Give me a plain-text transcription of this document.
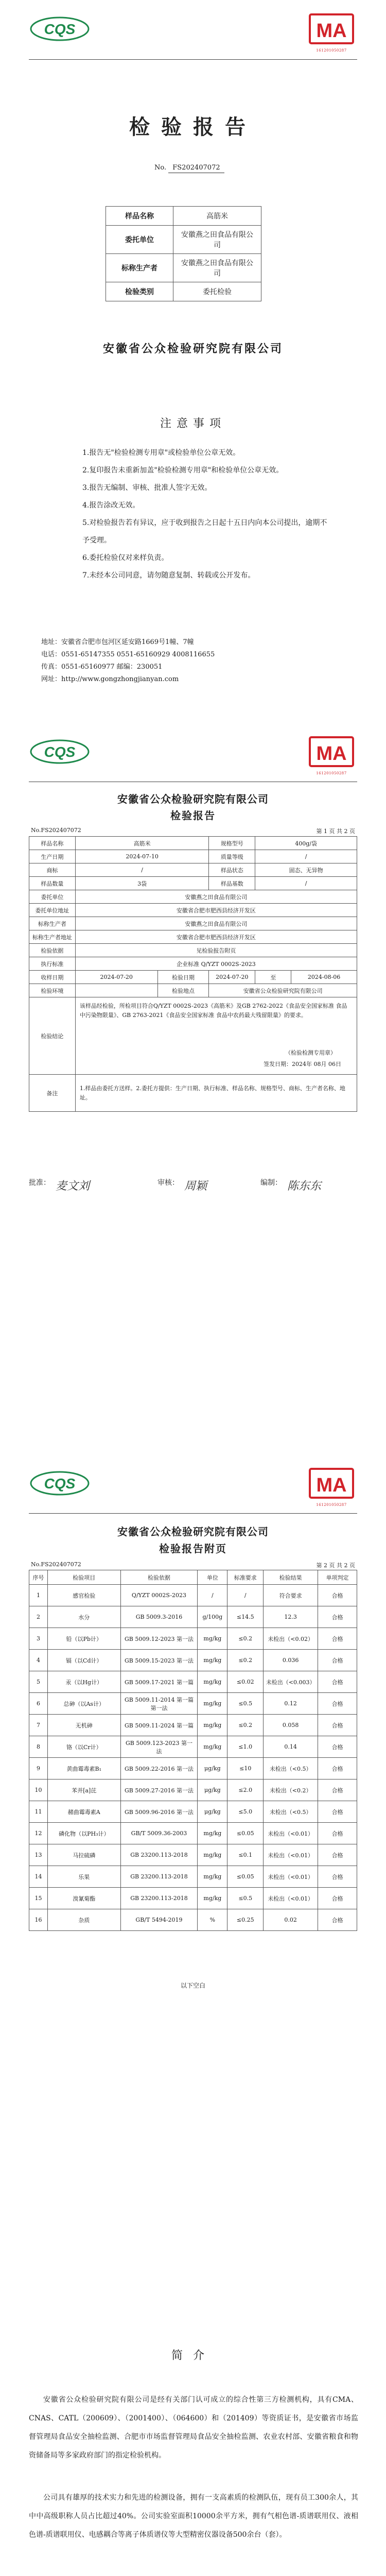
CQS	MA
161201050287
检验报告
No. FS202407072
样品名称	高筋米
委托单位	安徽燕之田食品有限公司
标称生产者	安徽燕之田食品有限公司
检验类别	委托检验
安徽省公众检验研究院有限公司
注意事项
1.报告无"检验检测专用章"或检验单位公章无效。
2.复印报告未重新加盖"检验检测专用章"和检验单位公章无效。
3.报告无编制、审核、批准人签字无效。
4.报告涂改无效。
5.对检验报告若有异议，应于收到报告之日起十五日内向本公司提出，逾期不予受理。
6.委托检验仅对来样负责。
7.未经本公司同意，请勿随意复制、转载或公开发布。
地址：安徽省合肥市包河区延安路1669号1幢、7幢
电话：0551-65147355 0551-65160929 4008116655
传真：0551-65160977 邮编：230051
网址：http://www.gongzhongjianyan.com
CQS	MA
161201050287
安徽省公众检验研究院有限公司
检验报告
No.FS202407072	第 1 页 共 2 页
样品名称	高筋米		规格型号	400g/袋	
生产日期	2024-07-10		质量等级	/	
商标	/		样品状态	固态、无异物	
样品数量	3袋		样品基数	/	
委托单位	安徽燕之田食品有限公司				
委托单位地址	安徽省合肥市肥西县经济开发区				
标称生产者	安徽燕之田食品有限公司				
标称生产者地址	安徽省合肥市肥西县经济开发区				
检验依据	见检验报告附页				
执行标准	企业标准 Q/YZT 0002S-2023				
收样日期	2024-07-20	检验日期	2024-07-20	至	2024-08-06
检验环境		检验地点	安徽省公众检验研究院有限公司		
检验结论	该样品经检验，所检项目符合Q/YZT 0002S-2023《高筋米》及GB 2762-2022《食品安全国家标准 食品中污染物限量》、GB 2763-2021《食品安全国家标准 食品中农药最大残留限量》的要求。
（检验检测专用章）
签发日期：2024年 08月 06日				

备注	1.样品由委托方送样。2.委托方提供：生产日期、执行标准、样品名称、规格型号、商标、生产者名称、地址。				
批准： 麦文刘	审核： 周颖	编制： 陈东东
CQS	MA
161201050287
安徽省公众检验研究院有限公司
检验报告附页
No.FS202407072	第 2 页 共 2 页
序号	检验项目	检验依据	单位	标准要求	检验结果	单项判定
1	感官检验	Q/YZT 0002S-2023	/	/	符合要求	合格
2	水分	GB 5009.3-2016	g/100g	≤14.5	12.3	合格
3	铅（以Pb计）	GB 5009.12-2023 第一法	mg/kg	≤0.2	未检出（<0.02）	合格
4	镉（以Cd计）	GB 5009.15-2023 第一法	mg/kg	≤0.2	0.036	合格
5	汞（以Hg计）	GB 5009.17-2021 第一篇	mg/kg	≤0.02	未检出（<0.003）	合格
6	总砷（以As计）	GB 5009.11-2014 第一篇 第一法	mg/kg	≤0.5	0.12	合格
7	无机砷	GB 5009.11-2024 第一篇	mg/kg	≤0.2	0.058	合格
8	铬（以Cr计）	GB 5009.123-2023 第一法	mg/kg	≤1.0	0.14	合格
9	黄曲霉毒素B₁	GB 5009.22-2016 第一法	μg/kg	≤10	未检出（<0.5）	合格
10	苯并[a]芘	GB 5009.27-2016 第一法	μg/kg	≤2.0	未检出（<0.2）	合格
11	赭曲霉毒素A	GB 5009.96-2016 第一法	μg/kg	≤5.0	未检出（<0.5）	合格
12	磷化物（以PH₃计）	GB/T 5009.36-2003	mg/kg	≤0.05	未检出（<0.01）	合格
13	马拉硫磷	GB 23200.113-2018	mg/kg	≤0.1	未检出（<0.01）	合格
14	乐果	GB 23200.113-2018	mg/kg	≤0.05	未检出（<0.01）	合格
15	溴氰菊酯	GB 23200.113-2018	mg/kg	≤0.5	未检出（<0.01）	合格
16	杂质	GB/T 5494-2019	%	≤0.25	0.02	合格
以下空白
简介
安徽省公众检验研究院有限公司是经有关部门认可成立的综合性第三方检测机构，具有CMA、CNAS、CATL（200609）、（2001400）、（064600）和（201409）等资质证书，是安徽省市场监督管理局食品安全抽检监测、合肥市市场监督管理局食品安全抽检监测、农业农村部、安徽省粮食和物资储备局等多家政府部门的指定检验机构。
公司具有雄厚的技术实力和先进的检测设备，拥有一支高素质的检测队伍，现有员工300余人，其中中高级职称人员占比超过40%。公司实验室面积10000余平方米，拥有气相色谱-质谱联用仪、液相色谱-质谱联用仪、电感耦合等离子体质谱仪等大型精密仪器设备500余台（套）。
